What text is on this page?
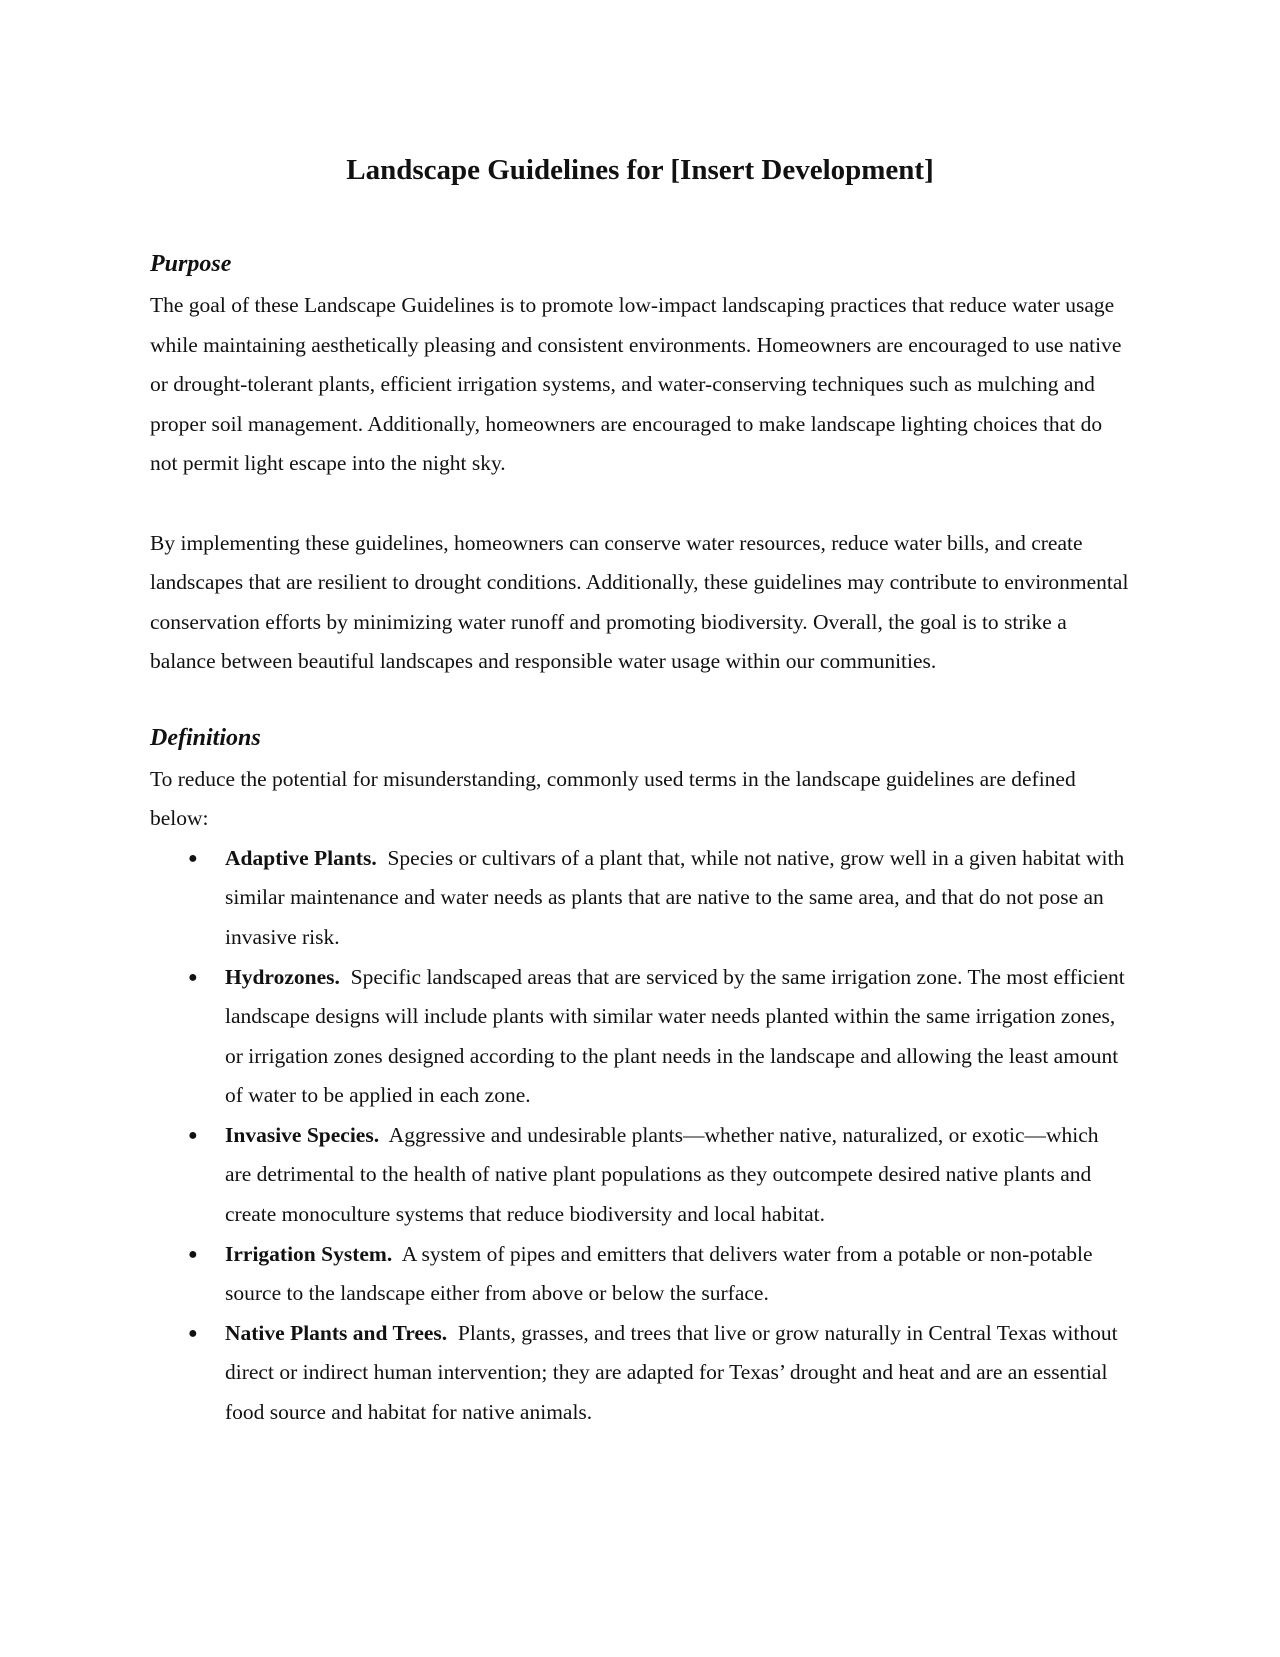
Landscape Guidelines for [Insert Development]
Purpose

The goal of these Landscape Guidelines is to promote low-impact landscaping practices that reduce water usage while maintaining aesthetically pleasing and consistent environments. Homeowners are encouraged to use native or drought-tolerant plants, efficient irrigation systems, and water-conserving techniques such as mulching and proper soil management. Additionally, homeowners are encouraged to make landscape lighting choices that do not permit light escape into the night sky.

By implementing these guidelines, homeowners can conserve water resources, reduce water bills, and create landscapes that are resilient to drought conditions. Additionally, these guidelines may contribute to environmental conservation efforts by minimizing water runoff and promoting biodiversity. Overall, the goal is to strike a balance between beautiful landscapes and responsible water usage within our communities.

Definitions

To reduce the potential for misunderstanding, commonly used terms in the landscape guidelines are defined below:

● Adaptive Plants. Species or cultivars of a plant that, while not native, grow well in a given habitat with similar maintenance and water needs as plants that are native to the same area, and that do not pose an invasive risk.
● Hydrozones. Specific landscaped areas that are serviced by the same irrigation zone. The most efficient landscape designs will include plants with similar water needs planted within the same irrigation zones, or irrigation zones designed according to the plant needs in the landscape and allowing the least amount of water to be applied in each zone.
● Invasive Species. Aggressive and undesirable plants—whether native, naturalized, or exotic—which are detrimental to the health of native plant populations as they outcompete desired native plants and create monoculture systems that reduce biodiversity and local habitat.
● Irrigation System. A system of pipes and emitters that delivers water from a potable or non-potable source to the landscape either from above or below the surface.
● Native Plants and Trees. Plants, grasses, and trees that live or grow naturally in Central Texas without direct or indirect human intervention; they are adapted for Texas’ drought and heat and are an essential food source and habitat for native animals.
